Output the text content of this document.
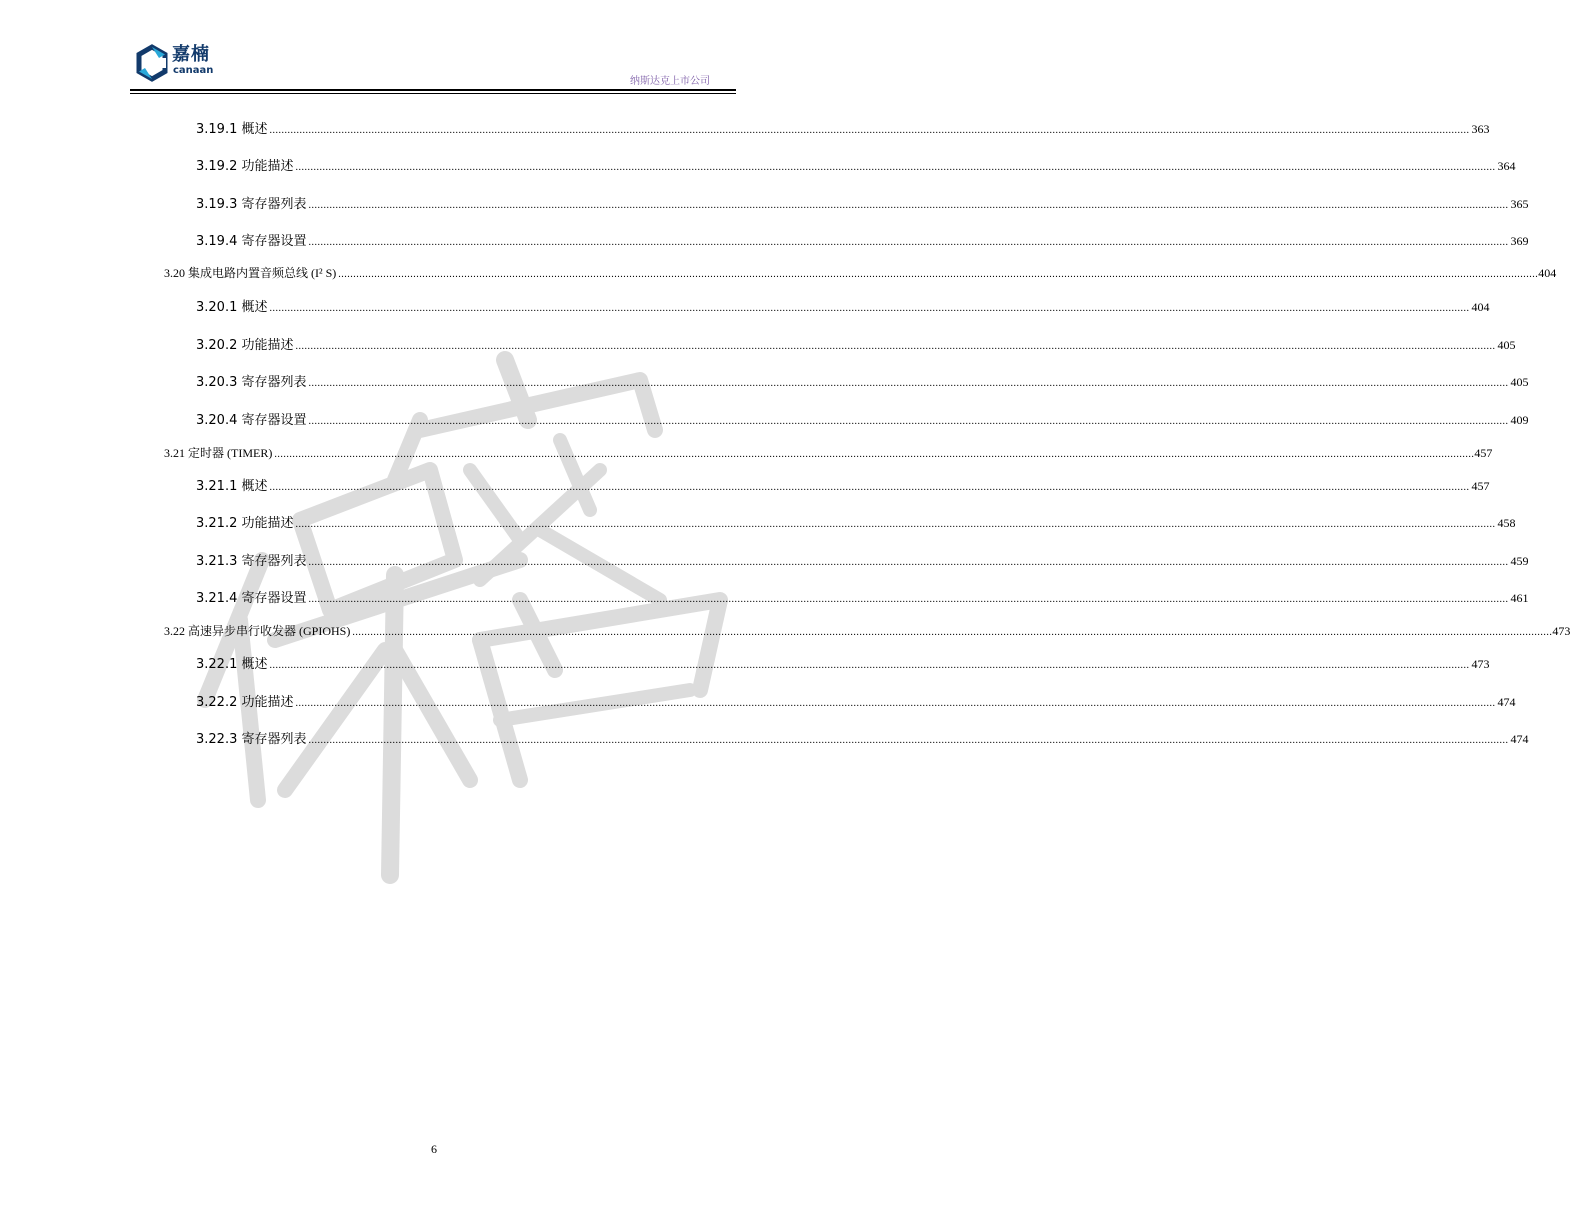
嘉楠
canaan
纳斯达克上市公司
3.19.1 概述 ................................................................................................................................................................................................................................................................................................................................................................................................................ 363
3.19.2 功能描述 ................................................................................................................................................................................................................................................................................................................................................................................................................ 364
3.19.3 寄存器列表 ................................................................................................................................................................................................................................................................................................................................................................................................................ 365
3.19.4 寄存器设置 ................................................................................................................................................................................................................................................................................................................................................................................................................ 369
3.20 集成电路内置音频总线 (I² S) ................................................................................................................................................................................................................................................................................................................................................................................................................ 404
3.20.1 概述 ................................................................................................................................................................................................................................................................................................................................................................................................................ 404
3.20.2 功能描述 ................................................................................................................................................................................................................................................................................................................................................................................................................ 405
3.20.3 寄存器列表 ................................................................................................................................................................................................................................................................................................................................................................................................................ 405
3.20.4 寄存器设置 ................................................................................................................................................................................................................................................................................................................................................................................................................ 409
3.21 定时器 (TIMER) ................................................................................................................................................................................................................................................................................................................................................................................................................ 457
3.21.1 概述 ................................................................................................................................................................................................................................................................................................................................................................................................................ 457
3.21.2 功能描述 ................................................................................................................................................................................................................................................................................................................................................................................................................ 458
3.21.3 寄存器列表 ................................................................................................................................................................................................................................................................................................................................................................................................................ 459
3.21.4 寄存器设置 ................................................................................................................................................................................................................................................................................................................................................................................................................ 461
3.22 高速异步串行收发器 (GPIOHS) ................................................................................................................................................................................................................................................................................................................................................................................................................ 473
3.22.1 概述 ................................................................................................................................................................................................................................................................................................................................................................................................................ 473
3.22.2 功能描述 ................................................................................................................................................................................................................................................................................................................................................................................................................ 474
3.22.3 寄存器列表 ................................................................................................................................................................................................................................................................................................................................................................................................................ 474
6
